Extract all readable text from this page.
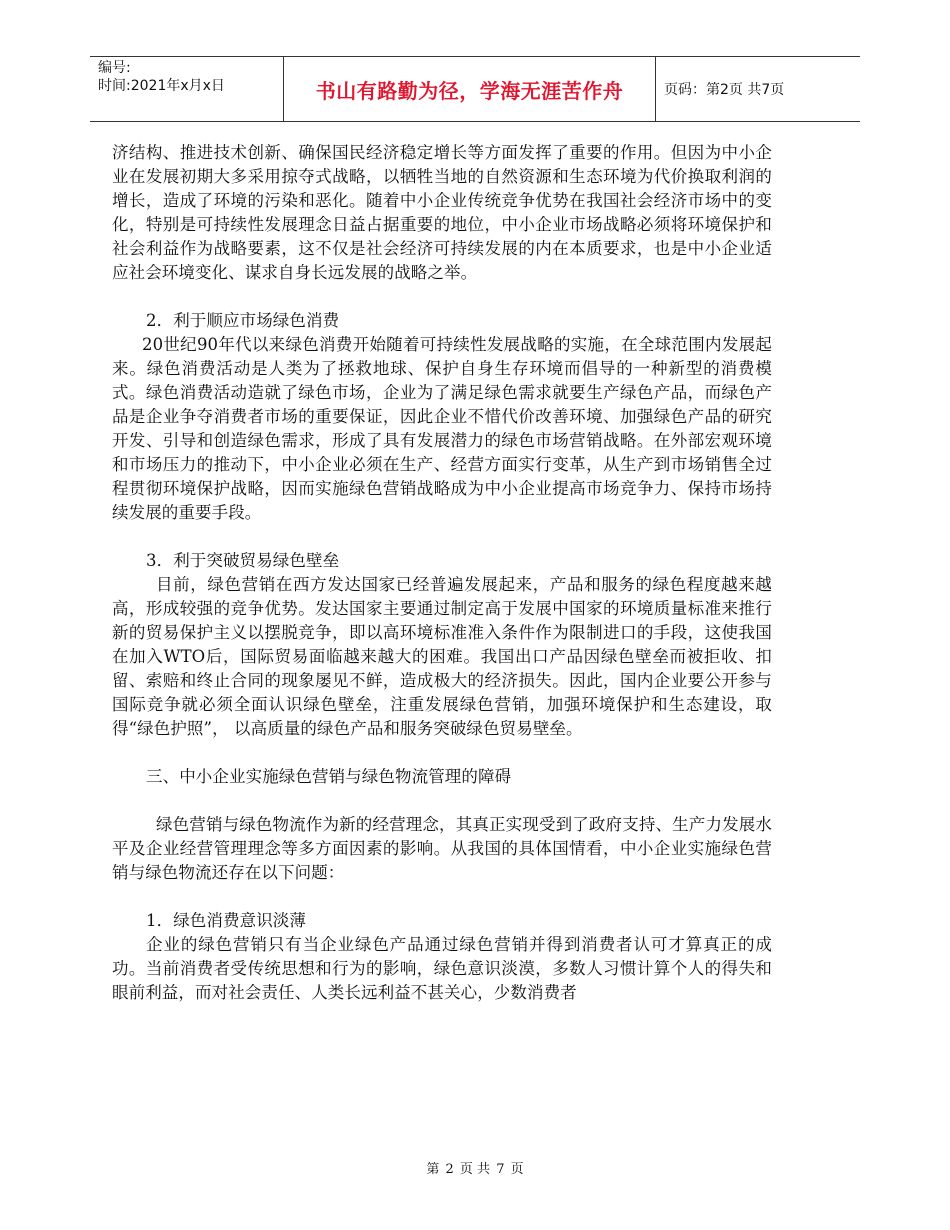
编号:
时间:2021年x月x日	书山有路勤为径，学海无涯苦作舟	页码：第2页 共7页

济结构、推进技术创新、确保国民经济稳定增长等方面发挥了重要的作用。但因为中小企业在发展初期大多采用掠夺式战略，以牺牲当地的自然资源和生态环境为代价换取利润的增长，造成了环境的污染和恶化。随着中小企业传统竞争优势在我国社会经济市场中的变化，特别是可持续性发展理念日益占据重要的地位，中小企业市场战略必须将环境保护和社会利益作为战略要素，这不仅是社会经济可持续发展的内在本质要求，也是中小企业适应社会环境变化、谋求自身长远发展的战略之举。

2．利于顺应市场绿色消费

20世纪90年代以来绿色消费开始随着可持续性发展战略的实施，在全球范围内发展起来。绿色消费活动是人类为了拯救地球、保护自身生存环境而倡导的一种新型的消费模式。绿色消费活动造就了绿色市场，企业为了满足绿色需求就要生产绿色产品，而绿色产品是企业争夺消费者市场的重要保证，因此企业不惜代价改善环境、加强绿色产品的研究开发、引导和创造绿色需求，形成了具有发展潜力的绿色市场营销战略。在外部宏观环境和市场压力的推动下，中小企业必须在生产、经营方面实行变革，从生产到市场销售全过程贯彻环境保护战略，因而实施绿色营销战略成为中小企业提高市场竞争力、保持市场持续发展的重要手段。

3．利于突破贸易绿色壁垒

目前，绿色营销在西方发达国家已经普遍发展起来，产品和服务的绿色程度越来越高，形成较强的竞争优势。发达国家主要通过制定高于发展中国家的环境质量标准来推行新的贸易保护主义以摆脱竞争，即以高环境标准准入条件作为限制进口的手段，这使我国在加入WTO后，国际贸易面临越来越大的困难。我国出口产品因绿色壁垒而被拒收、扣留、索赔和终止合同的现象屡见不鲜，造成极大的经济损失。因此，国内企业要公开参与国际竞争就必须全面认识绿色壁垒，注重发展绿色营销，加强环境保护和生态建设，取得“绿色护照”， 以高质量的绿色产品和服务突破绿色贸易壁垒。

三、中小企业实施绿色营销与绿色物流管理的障碍

绿色营销与绿色物流作为新的经营理念，其真正实现受到了政府支持、生产力发展水平及企业经营管理理念等多方面因素的影响。从我国的具体国情看，中小企业实施绿色营销与绿色物流还存在以下问题：

1．绿色消费意识淡薄

企业的绿色营销只有当企业绿色产品通过绿色营销并得到消费者认可才算真正的成功。当前消费者受传统思想和行为的影响，绿色意识淡漠，多数人习惯计算个人的得失和眼前利益，而对社会责任、人类长远利益不甚关心，少数消费者

第 2 页 共 7 页
